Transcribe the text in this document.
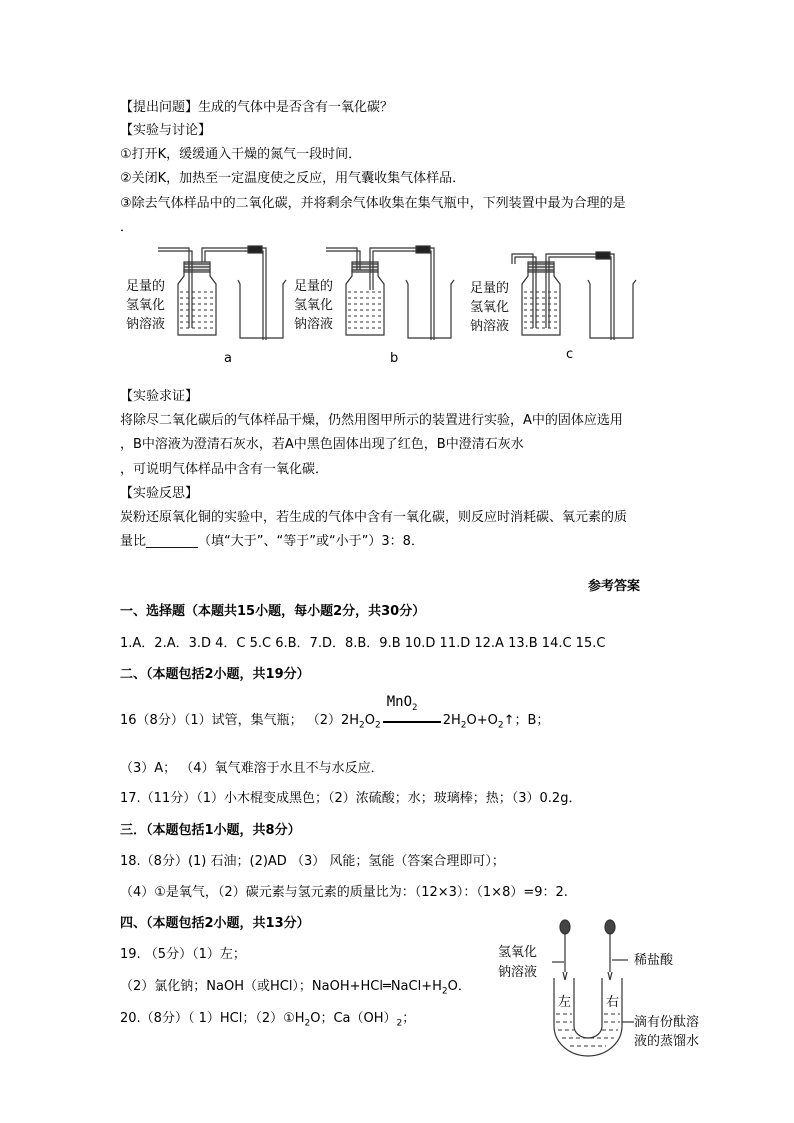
【提出问题】生成的气体中是否含有一氧化碳？
【实验与讨论】
①打开K，缓缓通入干燥的氮气一段时间．
②关闭K，加热至一定温度使之反应，用气囊收集气体样品．
③除去气体样品中的二氧化碳，并将剩余气体收集在集气瓶中，下列装置中最为合理的是
．
足量的
氢氧化
钠溶液
足量的
氢氧化
钠溶液
足量的
氢氧化
钠溶液
a	b	c
【实验求证】
将除尽二氧化碳后的气体样品干燥，仍然用图甲所示的装置进行实验，A中的固体应选用
，B中溶液为澄清石灰水，若A中黑色固体出现了红色，B中澄清石灰水
，可说明气体样品中含有一氧化碳．
【实验反思】
炭粉还原氧化铜的实验中，若生成的气体中含有一氧化碳，则反应时消耗碳、氧元素的质
量比________（填“大于”、“等于”或“小于”）3：8．
参考答案
一、选择题（本题共15小题，每小题2分，共30分）
1.A．2.A．3.D 4．C 5.C 6.B．7.D．8.B．9.B 10.D 11.D 12.A 13.B 14.C 15.C
二、（本题包括2小题，共19分）
16（8分）（1）试管，集气瓶； $(2)2H_2O_2$
MnO$_2$
$2H_2O+O_2↑$；B；
（3）A； （4）氧气难溶于水且不与水反应．
17.（11分）（1）小木棍变成黑色；（2）浓硫酸；水；玻璃棒；热；（3）0.2g．
三．（本题包括1小题，共8分）
18.（8分）(1) 石油；(2)AD （3） 风能；氢能（答案合理即可）；
（4）①是氧气，（2）碳元素与氢元素的质量比为：（12×3）：（1×8）=9：2.
四、（本题包括2小题，共13分）
19. （5分）（1）左；
（2）氯化钠；NaOH（或HCl）；$NaOH+HCl═NaCl+H_2O$．
20.（8分）（ 1）HCl；$(2)①H_2O$；$Ca(OH)_2$；
氢氧化
钠溶液
稀盐酸
左	右
滴有份酞溶
液的蒸馏水
